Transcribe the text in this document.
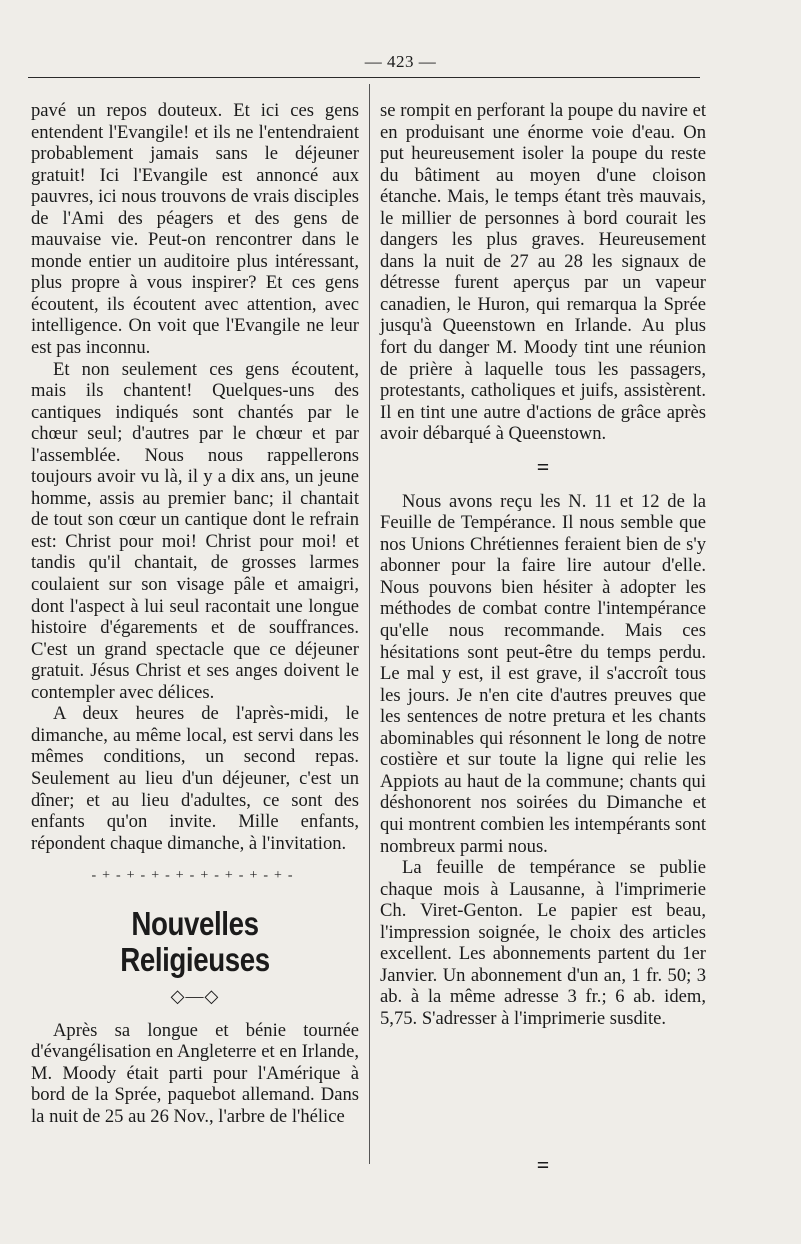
— 423 —

pavé un repos douteux. Et ici ces gens entendent l'Evangile! et ils ne l'entendraient probablement jamais sans le déjeuner gratuit! Ici l'Evangile est annoncé aux pauvres, ici nous trouvons de vrais disciples de l'Ami des péagers et des gens de mauvaise vie. Peut-on rencontrer dans le monde entier un auditoire plus intéressant, plus propre à vous inspirer? Et ces gens écoutent, ils écoutent avec attention, avec intelligence. On voit que l'Evangile ne leur est pas inconnu.

Et non seulement ces gens écoutent, mais ils chantent! Quelques-uns des cantiques indiqués sont chantés par le chœur seul; d'autres par le chœur et par l'assemblée. Nous nous rappellerons toujours avoir vu là, il y a dix ans, un jeune homme, assis au premier banc; il chantait de tout son cœur un cantique dont le refrain est: Christ pour moi! Christ pour moi! et tandis qu'il chantait, de grosses larmes coulaient sur son visage pâle et amaigri, dont l'aspect à lui seul racontait une longue histoire d'égarements et de souffrances. C'est un grand spectacle que ce déjeuner gratuit. Jésus Christ et ses anges doivent le contempler avec délices.

A deux heures de l'après-midi, le dimanche, au même local, est servi dans les mêmes conditions, un second repas. Seulement au lieu d'un déjeuner, c'est un dîner; et au lieu d'adultes, ce sont des enfants qu'on invite. Mille enfants, répondent chaque dimanche, à l'invitation.

-+-+-+-+-+-+-+-+-
Nouvelles Religieuses
◇—◇

Après sa longue et bénie tournée d'évangélisation en Angleterre et en Irlande, M. Moody était parti pour l'Amérique à bord de la Sprée, paquebot allemand. Dans la nuit de 25 au 26 Nov., l'arbre de l'hélice

se rompit en perforant la poupe du navire et en produisant une énorme voie d'eau. On put heureusement isoler la poupe du reste du bâtiment au moyen d'une cloison étanche. Mais, le temps étant très mauvais, le millier de personnes à bord courait les dangers les plus graves. Heureusement dans la nuit de 27 au 28 les signaux de détresse furent aperçus par un vapeur canadien, le Huron, qui remarqua la Sprée jusqu'à Queenstown en Irlande. Au plus fort du danger M. Moody tint une réunion de prière à laquelle tous les passagers, protestants, catholiques et juifs, assistèrent. Il en tint une autre d'actions de grâce après avoir débarqué à Queenstown.

=

Nous avons reçu les N. 11 et 12 de la Feuille de Tempérance. Il nous semble que nos Unions Chrétiennes feraient bien de s'y abonner pour la faire lire autour d'elle. Nous pouvons bien hésiter à adopter les méthodes de combat contre l'intempérance qu'elle nous recommande. Mais ces hésitations sont peut-être du temps perdu. Le mal y est, il est grave, il s'accroît tous les jours. Je n'en cite d'autres preuves que les sentences de notre pretura et les chants abominables qui résonnent le long de notre costière et sur toute la ligne qui relie les Appiots au haut de la commune; chants qui déshonorent nos soirées du Dimanche et qui montrent combien les intempérants sont nombreux parmi nous.

La feuille de tempérance se publie chaque mois à Lausanne, à l'imprimerie Ch. Viret-Genton. Le papier est beau, l'impression soignée, le choix des articles excellent. Les abonnements partent du 1er Janvier. Un abonnement d'un an, 1 fr. 50; 3 ab. à la même adresse 3 fr.; 6 ab. idem, 5,75. S'adresser à l'imprimerie susdite.

=
